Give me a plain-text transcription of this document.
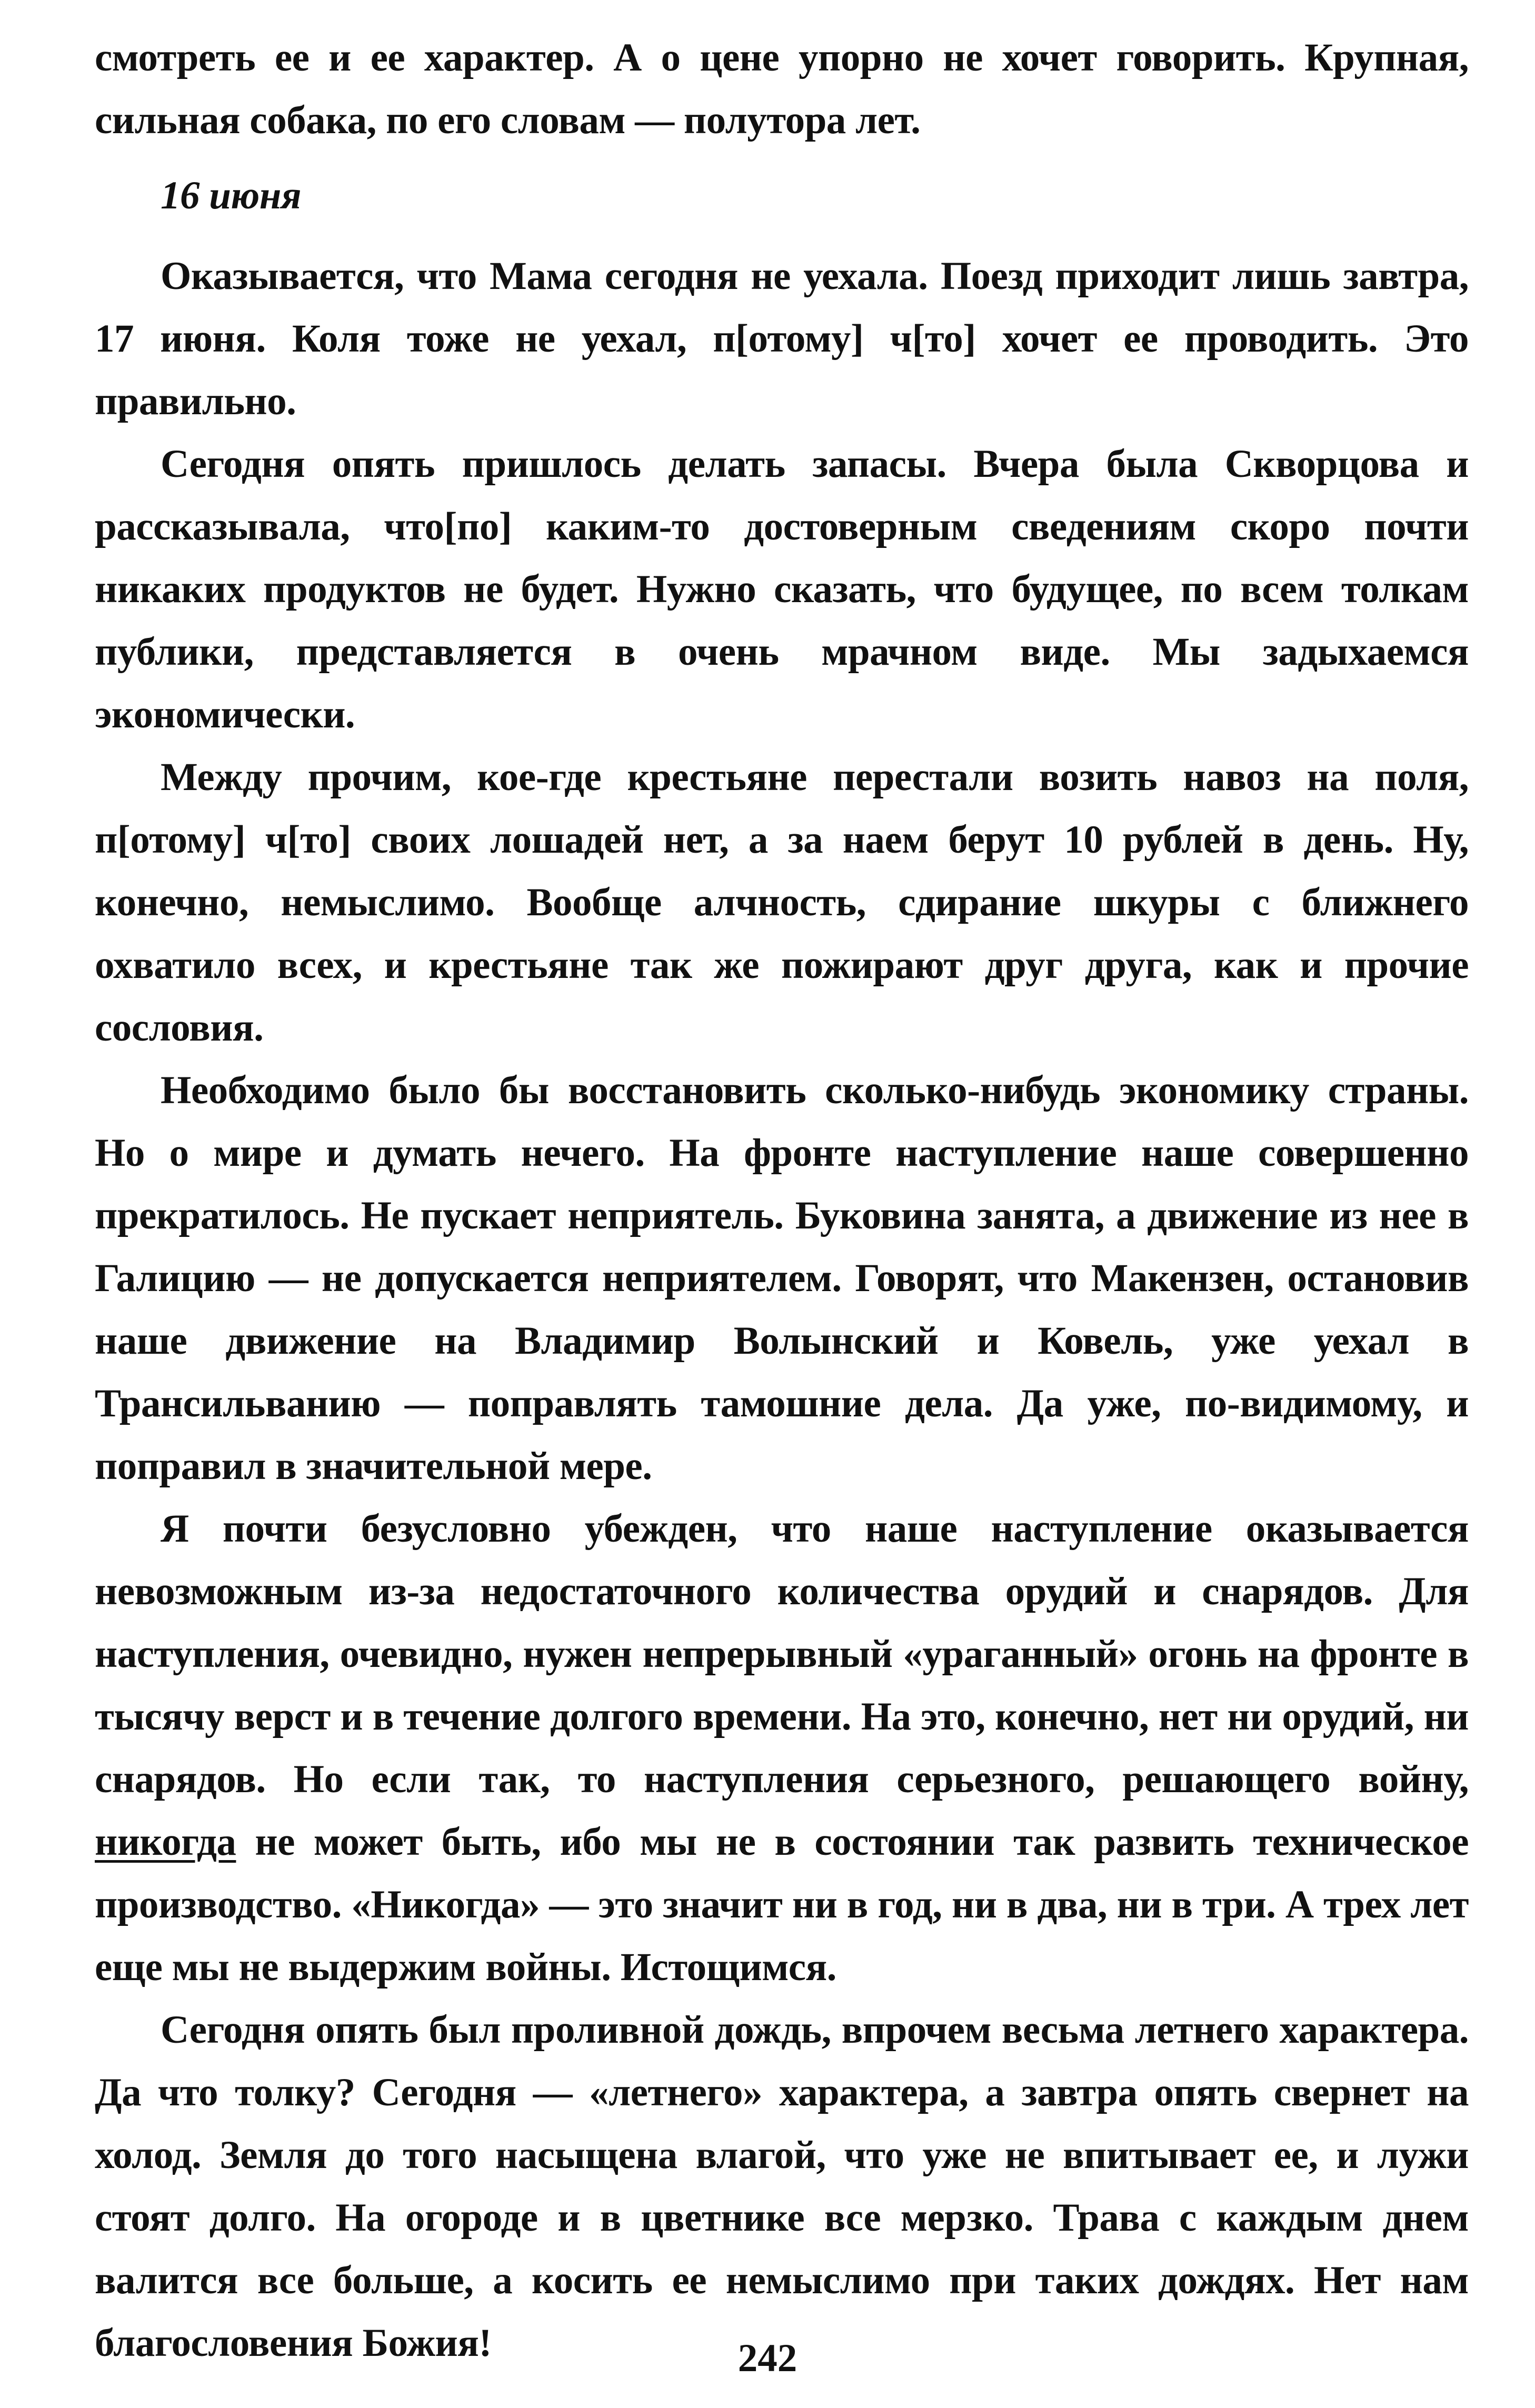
смотреть ее и ее характер. А о цене упорно не хочет говорить. Крупная, сильная собака, по его словам — полутора лет.

16 июня

Оказывается, что Мама сегодня не уехала. Поезд приходит лишь завтра, 17 июня. Коля тоже не уехал, п[отому] ч[то] хочет ее проводить. Это правильно.

Сегодня опять пришлось делать запасы. Вчера была Скворцова и рассказывала, что[по] каким-то достоверным сведениям скоро почти никаких продуктов не будет. Нужно сказать, что будущее, по всем толкам публики, представляется в очень мрачном виде. Мы задыхаемся экономически.

Между прочим, кое-где крестьяне перестали возить навоз на поля, п[отому] ч[то] своих лошадей нет, а за наем берут 10 рублей в день. Ну, конечно, немыслимо. Вообще алчность, сдирание шкуры с ближнего охватило всех, и крестьяне так же пожирают друг друга, как и прочие сословия.

Необходимо было бы восстановить сколько-нибудь экономику страны. Но о мире и думать нечего. На фронте наступление наше совершенно прекратилось. Не пускает неприятель. Буковина занята, а движение из нее в Галицию — не допускается неприятелем. Говорят, что Макензен, остановив наше движение на Владимир Волынский и Ковель, уже уехал в Трансильванию — поправлять тамошние дела. Да уже, по-видимому, и поправил в значительной мере.

Я почти безусловно убежден, что наше наступление оказывается невозможным из-за недостаточного количества орудий и снарядов. Для наступления, очевидно, нужен непрерывный «ураганный» огонь на фронте в тысячу верст и в течение долгого времени. На это, конечно, нет ни орудий, ни снарядов. Но если так, то наступления серьезного, решающего войну, никогда не может быть, ибо мы не в состоянии так развить техническое производство. «Никогда» — это значит ни в год, ни в два, ни в три. А трех лет еще мы не выдержим войны. Истощимся.

Сегодня опять был проливной дождь, впрочем весьма летнего характера. Да что толку? Сегодня — «летнего» характера, а завтра опять свернет на холод. Земля до того насыщена влагой, что уже не впитывает ее, и лужи стоят долго. На огороде и в цветнике все мерзко. Трава с каждым днем валится все больше, а косить ее немыслимо при таких дождях. Нет нам благословения Божия!	242
